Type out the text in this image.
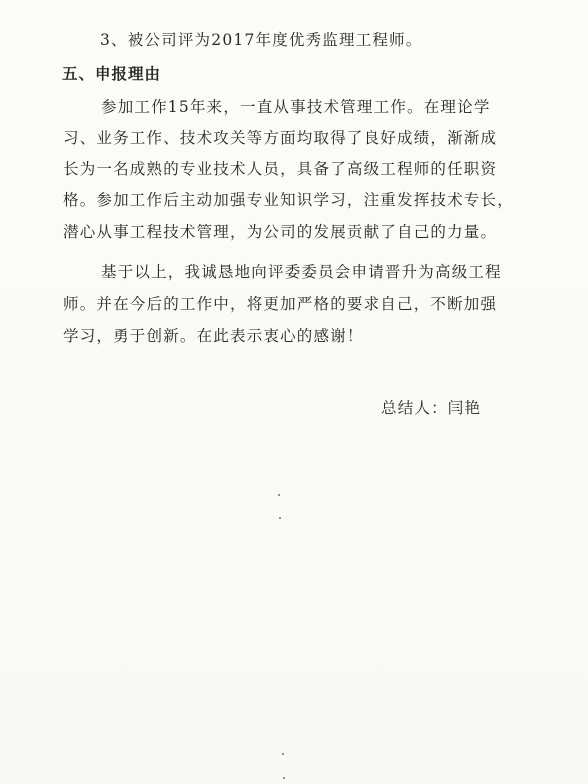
3、被公司评为2017年度优秀监理工程师。
五、申报理由
参加工作15年来，一直从事技术管理工作。在理论学
习、业务工作、技术攻关等方面均取得了良好成绩，渐渐成
长为一名成熟的专业技术人员，具备了高级工程师的任职资
格。参加工作后主动加强专业知识学习，注重发挥技术专长，
潜心从事工程技术管理，为公司的发展贡献了自己的力量。
基于以上，我诚恳地向评委委员会申请晋升为高级工程
师。并在今后的工作中，将更加严格的要求自己，不断加强
学习，勇于创新。在此表示衷心的感谢！
总结人：闫艳
